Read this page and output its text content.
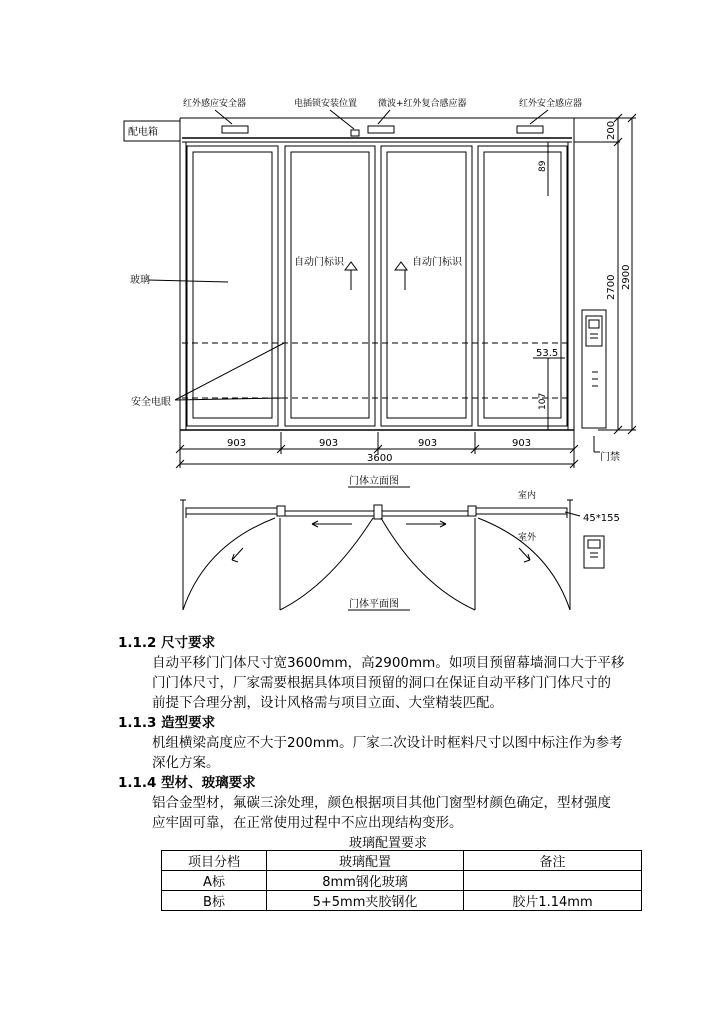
红外感应安全器	电插锁安装位置 微波+红外复合感应器	红外安全感应器
配电箱
玻璃
安全电眼
自动门标识	自动门标识
89
53.5
107
200
2700 2900
903	903	903	903
3600	门禁
门体立面图
室内
室外
45*155
门体平面图
1.1.2 尺寸要求
自动平移门门体尺寸宽3600mm，高2900mm。如项目预留幕墙洞口大于平移
门门体尺寸，厂家需要根据具体项目预留的洞口在保证自动平移门门体尺寸的
前提下合理分割，设计风格需与项目立面、大堂精装匹配。
1.1.3 造型要求
机组横梁高度应不大于200mm。厂家二次设计时框料尺寸以图中标注作为参考
深化方案。
1.1.4 型材、玻璃要求
铝合金型材，氟碳三涂处理，颜色根据项目其他门窗型材颜色确定，型材强度
应牢固可靠，在正常使用过程中不应出现结构变形。
玻璃配置要求
项目分档	玻璃配置	备注
A标	8mm钢化玻璃	
B标	5+5mm夹胶钢化	胶片1.14mm
